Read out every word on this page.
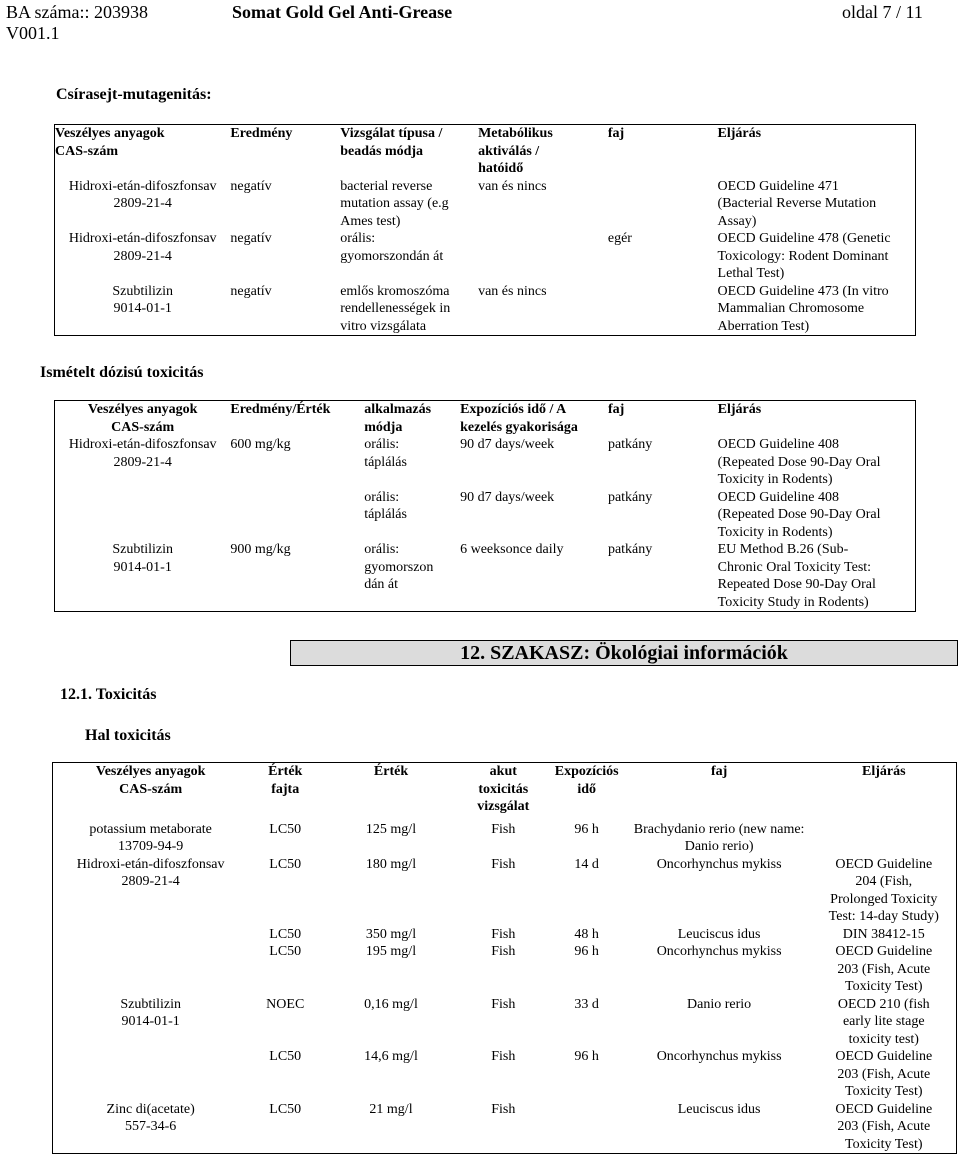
BA száma:: 203938
V001.1
Somat Gold Gel Anti-Grease	oldal 7 / 11
Csírasejt-mutagenitás:
Veszélyes anyagok
CAS-szám	Eredmény	Vizsgálat típusa /
beadás módja	Metabólikus
aktiválás /
hatóidő	faj	Eljárás
Hidroxi-etán-difoszfonsav
2809-21-4	negatív	bacterial reverse
mutation assay (e.g
Ames test)	van és nincs		OECD Guideline 471
(Bacterial Reverse Mutation
Assay)
Hidroxi-etán-difoszfonsav
2809-21-4	negatív	orális:
gyomorszondán át		egér	OECD Guideline 478 (Genetic
Toxicology: Rodent Dominant
Lethal Test)
Szubtilizin
9014-01-1	negatív	emlős kromoszóma
rendellenességek in
vitro vizsgálata	van és nincs		OECD Guideline 473 (In vitro
Mammalian Chromosome
Aberration Test)
Ismételt dózisú toxicitás
Veszélyes anyagok
CAS-szám	Eredmény/Érték	alkalmazás
módja	Expozíciós idő / A
kezelés gyakorisága	faj	Eljárás
Hidroxi-etán-difoszfonsav
2809-21-4	600 mg/kg	orális:
táplálás	90 d7 days/week	patkány	OECD Guideline 408
(Repeated Dose 90-Day Oral
Toxicity in Rodents)
		orális:
táplálás	90 d7 days/week	patkány	OECD Guideline 408
(Repeated Dose 90-Day Oral
Toxicity in Rodents)
Szubtilizin
9014-01-1	900 mg/kg	orális:
gyomorszon
dán át	6 weeksonce daily	patkány	EU Method B.26 (Sub-
Chronic Oral Toxicity Test:
Repeated Dose 90-Day Oral
Toxicity Study in Rodents)
12. SZAKASZ: Ökológiai információk
12.1. Toxicitás
Hal toxicitás
Veszélyes anyagok
CAS-szám	Érték
fajta	Érték	akut
toxicitás
vizsgálat	Expozíciós
idő	faj	Eljárás
potassium metaborate
13709-94-9	LC50	125 mg/l	Fish	96 h	Brachydanio rerio (new name:
Danio rerio)	
Hidroxi-etán-difoszfonsav
2809-21-4	LC50	180 mg/l	Fish	14 d	Oncorhynchus mykiss	OECD Guideline
204 (Fish,
Prolonged Toxicity
Test: 14-day Study)
	LC50	350 mg/l	Fish	48 h	Leuciscus idus	DIN 38412-15
	LC50	195 mg/l	Fish	96 h	Oncorhynchus mykiss	OECD Guideline
203 (Fish, Acute
Toxicity Test)
Szubtilizin
9014-01-1	NOEC	0,16 mg/l	Fish	33 d	Danio rerio	OECD 210 (fish
early lite stage
toxicity test)
	LC50	14,6 mg/l	Fish	96 h	Oncorhynchus mykiss	OECD Guideline
203 (Fish, Acute
Toxicity Test)
Zinc di(acetate)
557-34-6	LC50	21 mg/l	Fish		Leuciscus idus	OECD Guideline
203 (Fish, Acute
Toxicity Test)
